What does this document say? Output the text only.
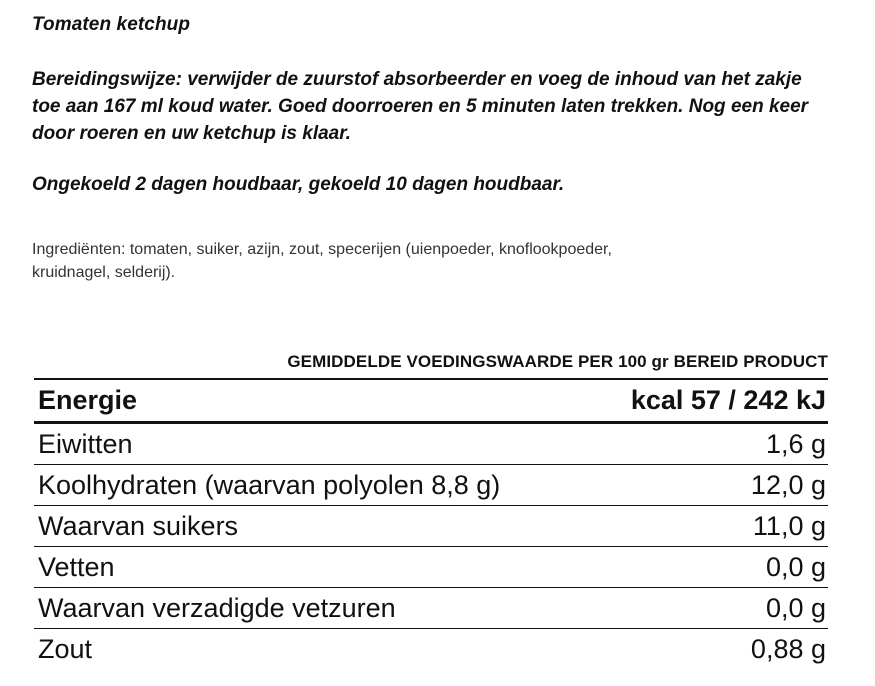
Tomaten ketchup
Bereidingswijze: verwijder de zuurstof absorbeerder en voeg de inhoud van het zakje toe aan 167 ml koud water. Goed doorroeren en 5 minuten laten trekken. Nog een keer door roeren en uw ketchup is klaar.
Ongekoeld 2 dagen houdbaar, gekoeld 10 dagen houdbaar.
Ingrediënten: tomaten, suiker, azijn, zout, specerijen (uienpoeder, knoflookpoeder, kruidnagel, selderij).
GEMIDDELDE VOEDINGSWAARDE PER 100 gr BEREID PRODUCT
Energie	kcal 57 / 242 kJ
Eiwitten	1,6 g
Koolhydraten (waarvan polyolen 8,8 g)	12,0 g
Waarvan suikers	11,0 g
Vetten	0,0 g
Waarvan verzadigde vetzuren	0,0 g
Zout	0,88 g
